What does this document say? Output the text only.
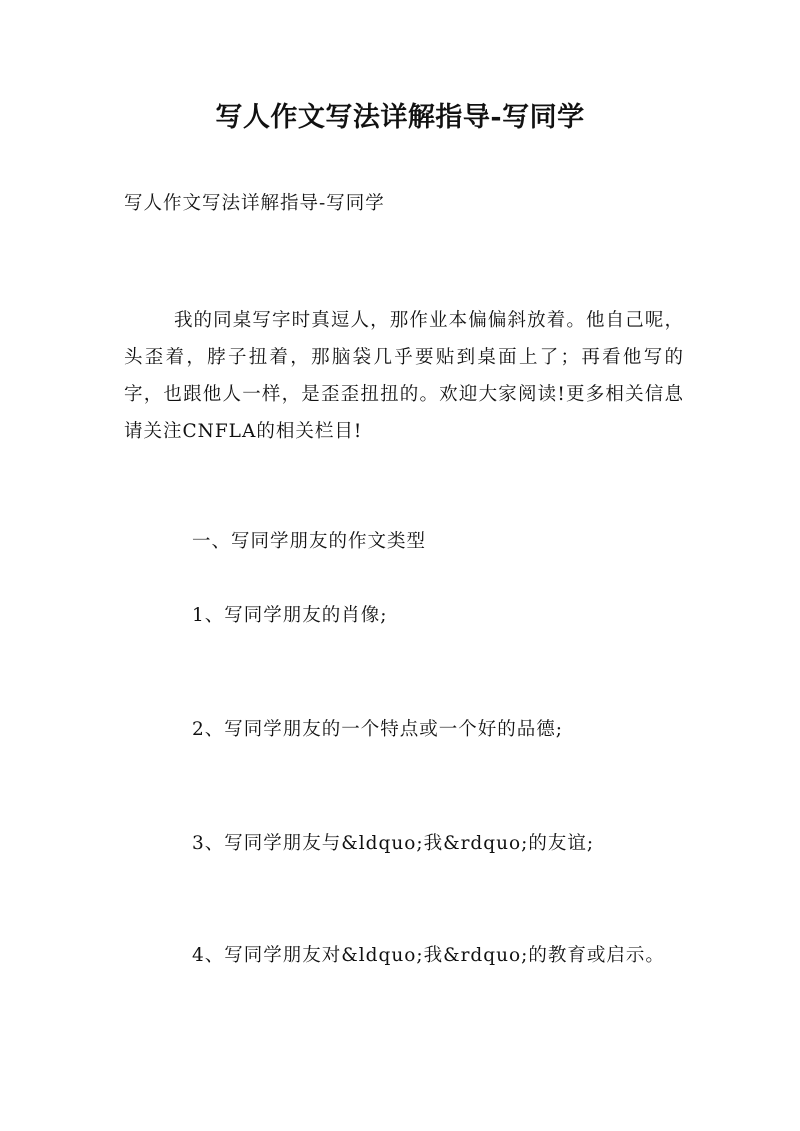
写人作文写法详解指导-写同学
写人作文写法详解指导-写同学
我的同桌写字时真逗人，那作业本偏偏斜放着。他自己呢，头歪着，脖子扭着，那脑袋几乎要贴到桌面上了；再看他写的字，也跟他人一样，是歪歪扭扭的。欢迎大家阅读!更多相关信息请关注CNFLA的相关栏目!
一、写同学朋友的作文类型
1、写同学朋友的肖像;
2、写同学朋友的一个特点或一个好的品德;
3、写同学朋友与&ldquo;我&rdquo;的友谊;
4、写同学朋友对&ldquo;我&rdquo;的教育或启示。
